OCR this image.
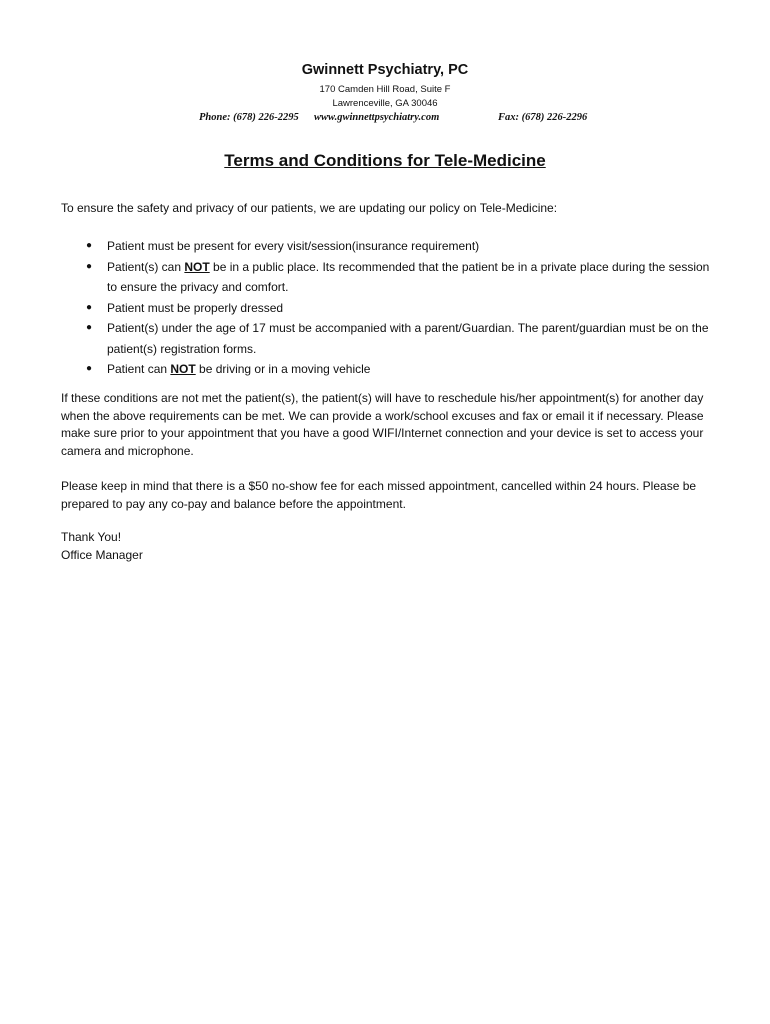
Gwinnett Psychiatry, PC
170 Camden Hill Road, Suite F
Lawrenceville, GA 30046
Phone: (678) 226-2295 www.gwinnettpsychiatry.com	Fax: (678) 226-2296
Terms and Conditions for Tele-Medicine
To ensure the safety and privacy of our patients, we are updating our policy on Tele-Medicine:
● Patient must be present for every visit/session(insurance requirement)
● Patient(s) can NOT be in a public place. Its recommended that the patient be in a private place during the session to ensure the privacy and comfort.
● Patient must be properly dressed
● Patient(s) under the age of 17 must be accompanied with a parent/Guardian. The parent/guardian must be on the patient(s) registration forms.
● Patient can NOT be driving or in a moving vehicle
If these conditions are not met the patient(s), the patient(s) will have to reschedule his/her appointment(s) for another day when the above requirements can be met. We can provide a work/school excuses and fax or email it if necessary. Please make sure prior to your appointment that you have a good WIFI/Internet connection and your device is set to access your camera and microphone.
Please keep in mind that there is a $50 no-show fee for each missed appointment, cancelled within 24 hours. Please be prepared to pay any co-pay and balance before the appointment.
Thank You!
Office Manager
